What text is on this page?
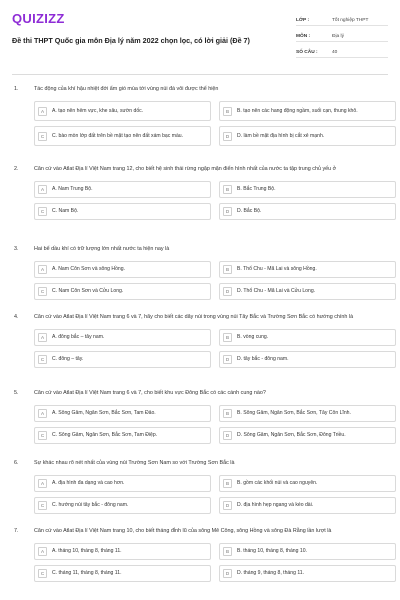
QUIZIZZ
Đề thi THPT Quốc gia môn Địa lý năm 2022 chọn lọc, có lời giải (Đề 7)
LỚP :	Tốt nghiệp THPT
MÔN :	Địa lý
SỐ CÂU :	40
1.	Tác động của khí hậu nhiệt đới ẩm gió mùa tới vùng núi đá vôi được thể hiện
A	A. tạo nên hẻm vực, khe sâu, sườn dốc.	B	B. tạo nên các hang động ngầm, suối cạn, thung khô.
C	C. bào mòn lớp đất trên bề mặt tạo nên đất xám bạc màu.	D	D. làm bề mặt địa hình bị cắt xẻ mạnh.
2.	Căn cứ vào Atlat Địa lí Việt Nam trang 12, cho biết hệ sinh thái rừng ngập mặn điển hình nhất của nước ta tập trung chủ yếu ở
A	A. Nam Trung Bộ.	B	B. Bắc Trung Bộ.
C	C. Nam Bộ.	D	D. Bắc Bộ.
3.	Hai bể dầu khí có trữ lượng lớn nhất nước ta hiện nay là
A	A. Nam Côn Sơn và sông Hồng.	B	B. Thổ Chu - Mã Lai và sông Hồng.
C	C. Nam Côn Sơn và Cửu Long.	D	D. Thổ Chu - Mã Lai và Cửu Long.
4.	Căn cứ vào Atlat Địa lí Việt Nam trang 6 và 7, hãy cho biết các dãy núi trong vùng núi Tây Bắc và Trường Sơn Bắc có hướng chính là
A	A. đông bắc – tây nam.	B	B. vòng cung.
C	C. đông – tây.	D	D. tây bắc - đông nam.
5.	Căn cứ vào Atlat Địa lí Việt Nam trang 6 và 7, cho biết khu vực Đông Bắc có các cánh cung nào?
A	A. Sông Gâm, Ngân Sơn, Bắc Sơn, Tam Đảo.	B	B. Sông Gâm, Ngân Sơn, Bắc Sơn, Tây Côn Lĩnh.
C	C. Sông Gâm, Ngân Sơn, Bắc Sơn, Tam Điệp.	D	D. Sông Gâm, Ngân Sơn, Bắc Sơn, Đông Triều.
6.	Sự khác nhau rõ nét nhất của vùng núi Trường Sơn Nam so với Trường Sơn Bắc là
A	A. địa hình đa dạng và cao hơn.	B	B. gồm các khối núi và cao nguyên.
C	C. hướng núi tây bắc - đông nam.	D	D. địa hình hẹp ngang và kéo dài.
7.	Căn cứ vào Atlat Địa lí Việt Nam trang 10, cho biết tháng đỉnh lũ của sông Mê Công, sông Hồng và sông Đà Rằng lần lượt là
A	A. tháng 10, tháng 8, tháng 11.	B	B. tháng 10, tháng 8, tháng 10.
C	C. tháng 11, tháng 8, tháng 11.	D	D. tháng 9, tháng 8, tháng 11.
